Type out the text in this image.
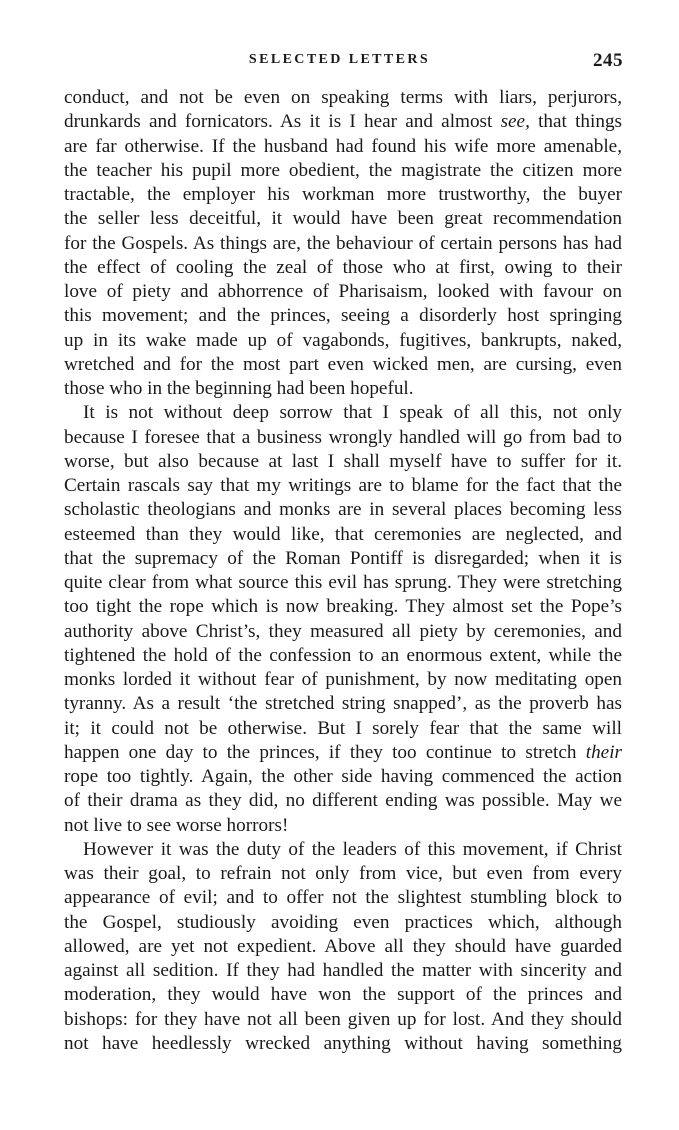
SELECTED LETTERS	245
conduct, and not be even on speaking terms with liars, perjurors,
drunkards and fornicators. As it is I hear and almost see, that things
are far otherwise. If the husband had found his wife more amenable,
the teacher his pupil more obedient, the magistrate the citizen more
tractable, the employer his workman more trustworthy, the buyer
the seller less deceitful, it would have been great recommendation
for the Gospels. As things are, the behaviour of certain persons has had
the effect of cooling the zeal of those who at first, owing to their
love of piety and abhorrence of Pharisaism, looked with favour on
this movement; and the princes, seeing a disorderly host springing
up in its wake made up of vagabonds, fugitives, bankrupts, naked,
wretched and for the most part even wicked men, are cursing, even
those who in the beginning had been hopeful.
It is not without deep sorrow that I speak of all this, not only
because I foresee that a business wrongly handled will go from bad to
worse, but also because at last I shall myself have to suffer for it.
Certain rascals say that my writings are to blame for the fact that the
scholastic theologians and monks are in several places becoming less
esteemed than they would like, that ceremonies are neglected, and
that the supremacy of the Roman Pontiff is disregarded; when it is
quite clear from what source this evil has sprung. They were stretching
too tight the rope which is now breaking. They almost set the Pope’s
authority above Christ’s, they measured all piety by ceremonies, and
tightened the hold of the confession to an enormous extent, while the
monks lorded it without fear of punishment, by now meditating open
tyranny. As a result ‘the stretched string snapped’, as the proverb has
it; it could not be otherwise. But I sorely fear that the same will
happen one day to the princes, if they too continue to stretch their
rope too tightly. Again, the other side having commenced the action
of their drama as they did, no different ending was possible. May we
not live to see worse horrors!
However it was the duty of the leaders of this movement, if Christ
was their goal, to refrain not only from vice, but even from every
appearance of evil; and to offer not the slightest stumbling block to
the Gospel, studiously avoiding even practices which, although
allowed, are yet not expedient. Above all they should have guarded
against all sedition. If they had handled the matter with sincerity and
moderation, they would have won the support of the princes and
bishops: for they have not all been given up for lost. And they should
not have heedlessly wrecked anything without having something
